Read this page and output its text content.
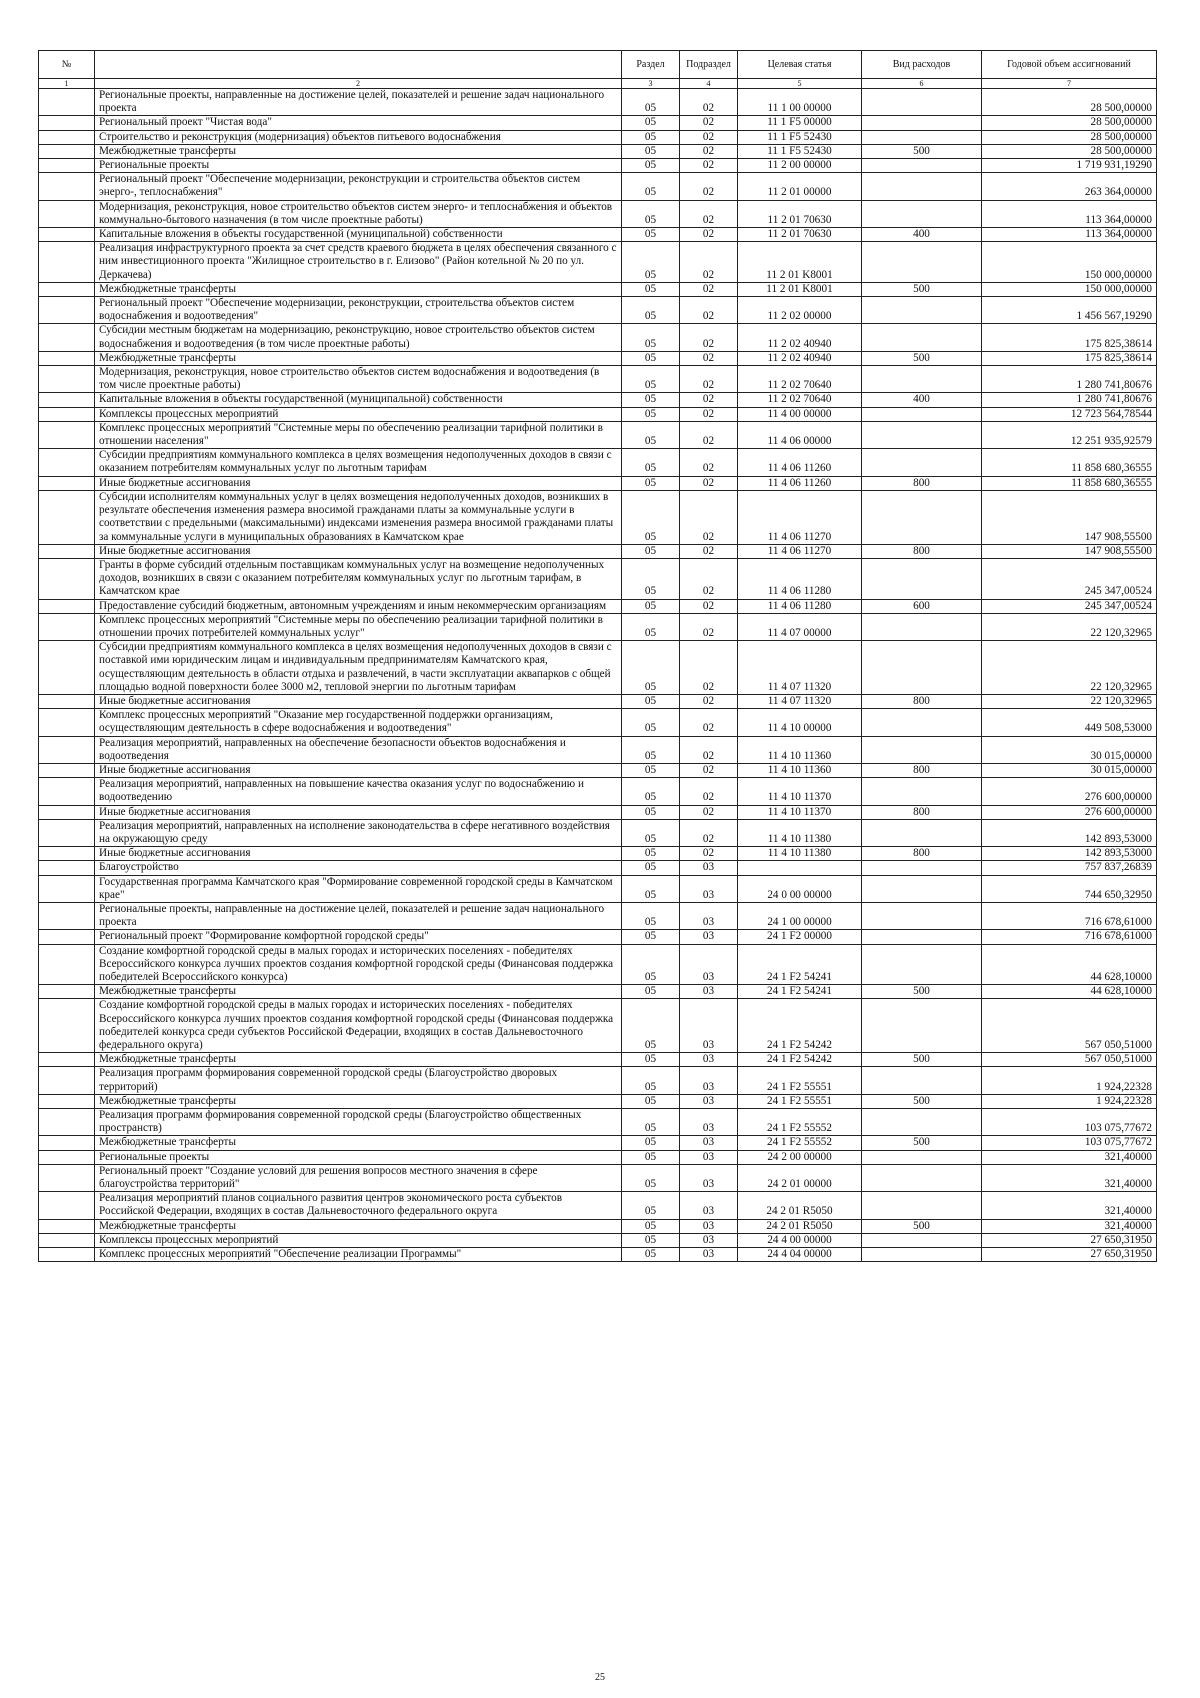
№		Раздел	Подраздел	Целевая статья	Вид расходов	Годовой объем ассигнований
1	2	3	4	5	6	7
	Региональные проекты, направленные на достижение целей, показателей и решение задач национального проекта	05	02	11 1 00 00000		28 500,00000
	Региональный проект "Чистая вода"	05	02	11 1 F5 00000		28 500,00000
	Строительство и реконструкция (модернизация) объектов питьевого водоснабжения	05	02	11 1 F5 52430		28 500,00000
	Межбюджетные трансферты	05	02	11 1 F5 52430	500	28 500,00000
	Региональные проекты	05	02	11 2 00 00000		1 719 931,19290
	Региональный проект "Обеспечение модернизации, реконструкции и строительства объектов систем энерго-, теплоснабжения"	05	02	11 2 01 00000		263 364,00000
	Модернизация, реконструкция, новое строительство объектов систем энерго- и теплоснабжения и объектов коммунально-бытового назначения (в том числе проектные работы)	05	02	11 2 01 70630		113 364,00000
	Капитальные вложения в объекты государственной (муниципальной) собственности	05	02	11 2 01 70630	400	113 364,00000
	Реализация инфраструктурного проекта за счет средств краевого бюджета в целях обеспечения связанного с ним инвестиционного проекта "Жилищное строительство в г. Елизово" (Район котельной № 20 по ул. Деркачева)	05	02	11 2 01 K8001		150 000,00000
	Межбюджетные трансферты	05	02	11 2 01 K8001	500	150 000,00000
	Региональный проект "Обеспечение модернизации, реконструкции, строительства объектов систем водоснабжения и водоотведения"	05	02	11 2 02 00000		1 456 567,19290
	Субсидии местным бюджетам на модернизацию, реконструкцию, новое строительство объектов систем водоснабжения и водоотведения (в том числе проектные работы)	05	02	11 2 02 40940		175 825,38614
	Межбюджетные трансферты	05	02	11 2 02 40940	500	175 825,38614
	Модернизация, реконструкция, новое строительство объектов систем водоснабжения и водоотведения (в том числе проектные работы)	05	02	11 2 02 70640		1 280 741,80676
	Капитальные вложения в объекты государственной (муниципальной) собственности	05	02	11 2 02 70640	400	1 280 741,80676
	Комплексы процессных мероприятий	05	02	11 4 00 00000		12 723 564,78544
	Комплекс процессных мероприятий "Системные меры по обеспечению реализации тарифной политики в отношении населения"	05	02	11 4 06 00000		12 251 935,92579
	Субсидии предприятиям коммунального комплекса в целях возмещения недополученных доходов в связи с оказанием потребителям коммунальных услуг по льготным тарифам	05	02	11 4 06 11260		11 858 680,36555
	Иные бюджетные ассигнования	05	02	11 4 06 11260	800	11 858 680,36555
	Субсидии исполнителям коммунальных услуг в целях возмещения недополученных доходов, возникших в результате обеспечения изменения размера вносимой гражданами платы за коммунальные услуги в соответствии с предельными (максимальными) индексами изменения размера вносимой гражданами платы за коммунальные услуги в муниципальных образованиях в Камчатском крае	05	02	11 4 06 11270		147 908,55500
	Иные бюджетные ассигнования	05	02	11 4 06 11270	800	147 908,55500
	Гранты в форме субсидий отдельным поставщикам коммунальных услуг на возмещение недополученных доходов, возникших в связи с оказанием потребителям коммунальных услуг по льготным тарифам, в Камчатском крае	05	02	11 4 06 11280		245 347,00524
	Предоставление субсидий бюджетным, автономным учреждениям и иным некоммерческим организациям	05	02	11 4 06 11280	600	245 347,00524
	Комплекс процессных мероприятий "Системные меры по обеспечению реализации тарифной политики в отношении прочих потребителей коммунальных услуг"	05	02	11 4 07 00000		22 120,32965
	Субсидии предприятиям коммунального комплекса в целях возмещения недополученных доходов в связи с поставкой ими юридическим лицам и индивидуальным предпринимателям Камчатского края, осуществляющим деятельность в области отдыха и развлечений, в части эксплуатации аквапарков с общей площадью водной поверхности более 3000 м2, тепловой энергии по льготным тарифам	05	02	11 4 07 11320		22 120,32965
	Иные бюджетные ассигнования	05	02	11 4 07 11320	800	22 120,32965
	Комплекс процессных мероприятий "Оказание мер государственной поддержки организациям, осуществляющим деятельность в сфере водоснабжения и водоотведения"	05	02	11 4 10 00000		449 508,53000
	Реализация мероприятий, направленных на обеспечение безопасности объектов водоснабжения и водоотведения	05	02	11 4 10 11360		30 015,00000
	Иные бюджетные ассигнования	05	02	11 4 10 11360	800	30 015,00000
	Реализация мероприятий, направленных на повышение качества оказания услуг по водоснабжению и водоотведению	05	02	11 4 10 11370		276 600,00000
	Иные бюджетные ассигнования	05	02	11 4 10 11370	800	276 600,00000
	Реализация мероприятий, направленных на исполнение законодательства в сфере негативного воздействия на окружающую среду	05	02	11 4 10 11380		142 893,53000
	Иные бюджетные ассигнования	05	02	11 4 10 11380	800	142 893,53000
	Благоустройство	05	03			757 837,26839
	Государственная программа Камчатского края "Формирование современной городской среды в Камчатском крае"	05	03	24 0 00 00000		744 650,32950
	Региональные проекты, направленные на достижение целей, показателей и решение задач национального проекта	05	03	24 1 00 00000		716 678,61000
	Региональный проект "Формирование комфортной городской среды"	05	03	24 1 F2 00000		716 678,61000
	Создание комфортной городской среды в малых городах и исторических поселениях - победителях Всероссийского конкурса лучших проектов создания комфортной городской среды (Финансовая поддержка победителей Всероссийского конкурса)	05	03	24 1 F2 54241		44 628,10000
	Межбюджетные трансферты	05	03	24 1 F2 54241	500	44 628,10000
	Создание комфортной городской среды в малых городах и исторических поселениях - победителях Всероссийского конкурса лучших проектов создания комфортной городской среды (Финансовая поддержка победителей конкурса среди субъектов Российской Федерации, входящих в состав Дальневосточного федерального округа)	05	03	24 1 F2 54242		567 050,51000
	Межбюджетные трансферты	05	03	24 1 F2 54242	500	567 050,51000
	Реализация программ формирования современной городской среды (Благоустройство дворовых территорий)	05	03	24 1 F2 55551		1 924,22328
	Межбюджетные трансферты	05	03	24 1 F2 55551	500	1 924,22328
	Реализация программ формирования современной городской среды (Благоустройство общественных пространств)	05	03	24 1 F2 55552		103 075,77672
	Межбюджетные трансферты	05	03	24 1 F2 55552	500	103 075,77672
	Региональные проекты	05	03	24 2 00 00000		321,40000
	Региональный проект "Создание условий для решения вопросов местного значения в сфере благоустройства территорий"	05	03	24 2 01 00000		321,40000
	Реализация мероприятий планов социального развития центров экономического роста субъектов Российской Федерации, входящих в состав Дальневосточного федерального округа	05	03	24 2 01 R5050		321,40000
	Межбюджетные трансферты	05	03	24 2 01 R5050	500	321,40000
	Комплексы процессных мероприятий	05	03	24 4 00 00000		27 650,31950
	Комплекс процессных мероприятий "Обеспечение реализации Программы"	05	03	24 4 04 00000		27 650,31950
25
